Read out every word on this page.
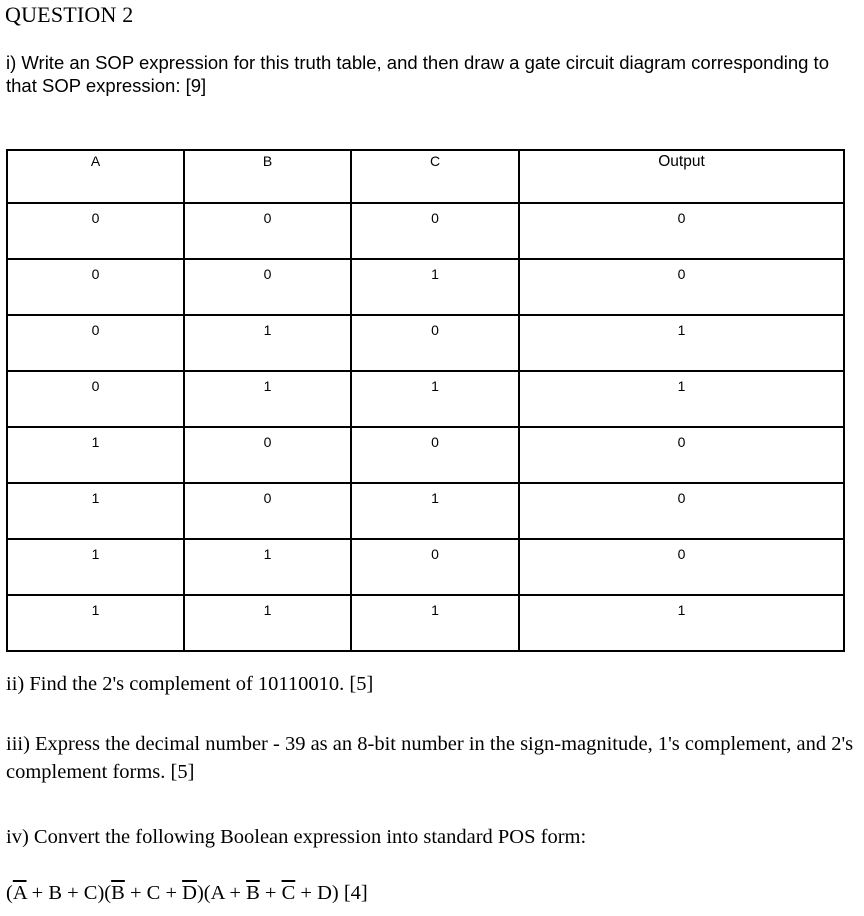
QUESTION 2
i) Write an SOP expression for this truth table, and then draw a gate circuit diagram corresponding to that SOP expression: [9]
A	B	C	Output
0	0	0	0
0	0	1	0
0	1	0	1
0	1	1	1
1	0	0	0
1	0	1	0
1	1	0	0
1	1	1	1
ii) Find the 2's complement of 10110010. [5]
iii) Express the decimal number - 39 as an 8-bit number in the sign-magnitude, 1's complement, and 2's complement forms. [5]
iv) Convert the following Boolean expression into standard POS form:
$(\overline{A} + B + C)(\overline{B} + C + \overline{D})(A + \overline{B} + \overline{C} + D)$ [4]
